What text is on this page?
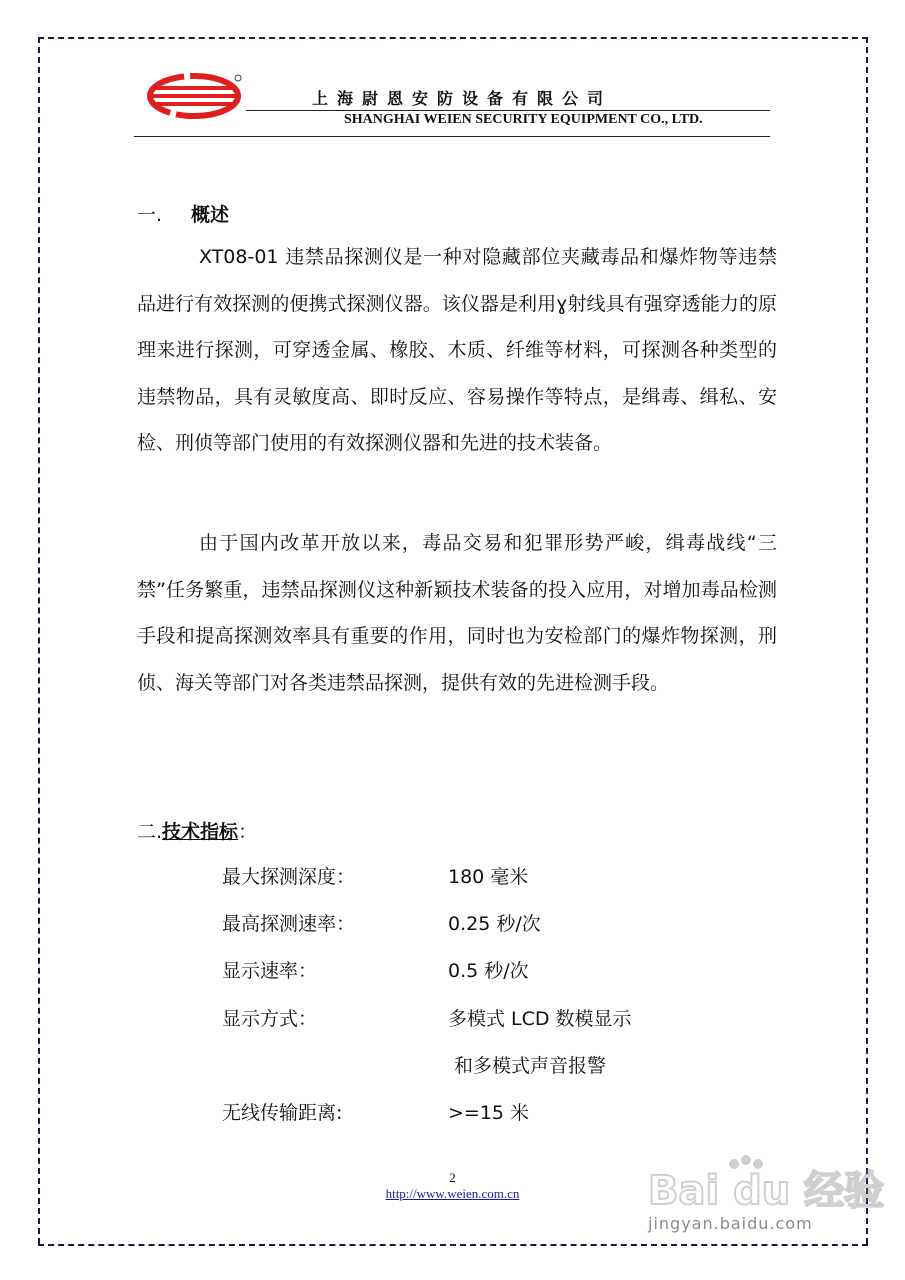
上海尉恩安防设备有限公司
SHANGHAI WEIEN SECURITY EQUIPMENT CO., LTD.
一. 概述
XT08-01 违禁品探测仪是一种对隐藏部位夹藏毒品和爆炸物等违禁品进行有效探测的便携式探测仪器。该仪器是利用ɣ射线具有强穿透能力的原理来进行探测，可穿透金属、橡胶、木质、纤维等材料，可探测各种类型的违禁物品，具有灵敏度高、即时反应、容易操作等特点，是缉毒、缉私、安检、刑侦等部门使用的有效探测仪器和先进的技术装备。
由于国内改革开放以来，毒品交易和犯罪形势严峻，缉毒战线“三禁”任务繁重，违禁品探测仪这种新颖技术装备的投入应用，对增加毒品检测手段和提高探测效率具有重要的作用，同时也为安检部门的爆炸物探测，刑侦、海关等部门对各类违禁品探测，提供有效的先进检测手段。
二.技术指标：
最大探测深度：	180 毫米
最高探测速率：	0.25 秒/次
显示速率：	0.5 秒/次
显示方式：	多模式 LCD 数模显示
和多模式声音报警
无线传输距离:	>=15 米
2
http://www.weien.com.cn	Bai du 经验
jingyan.baidu.com
